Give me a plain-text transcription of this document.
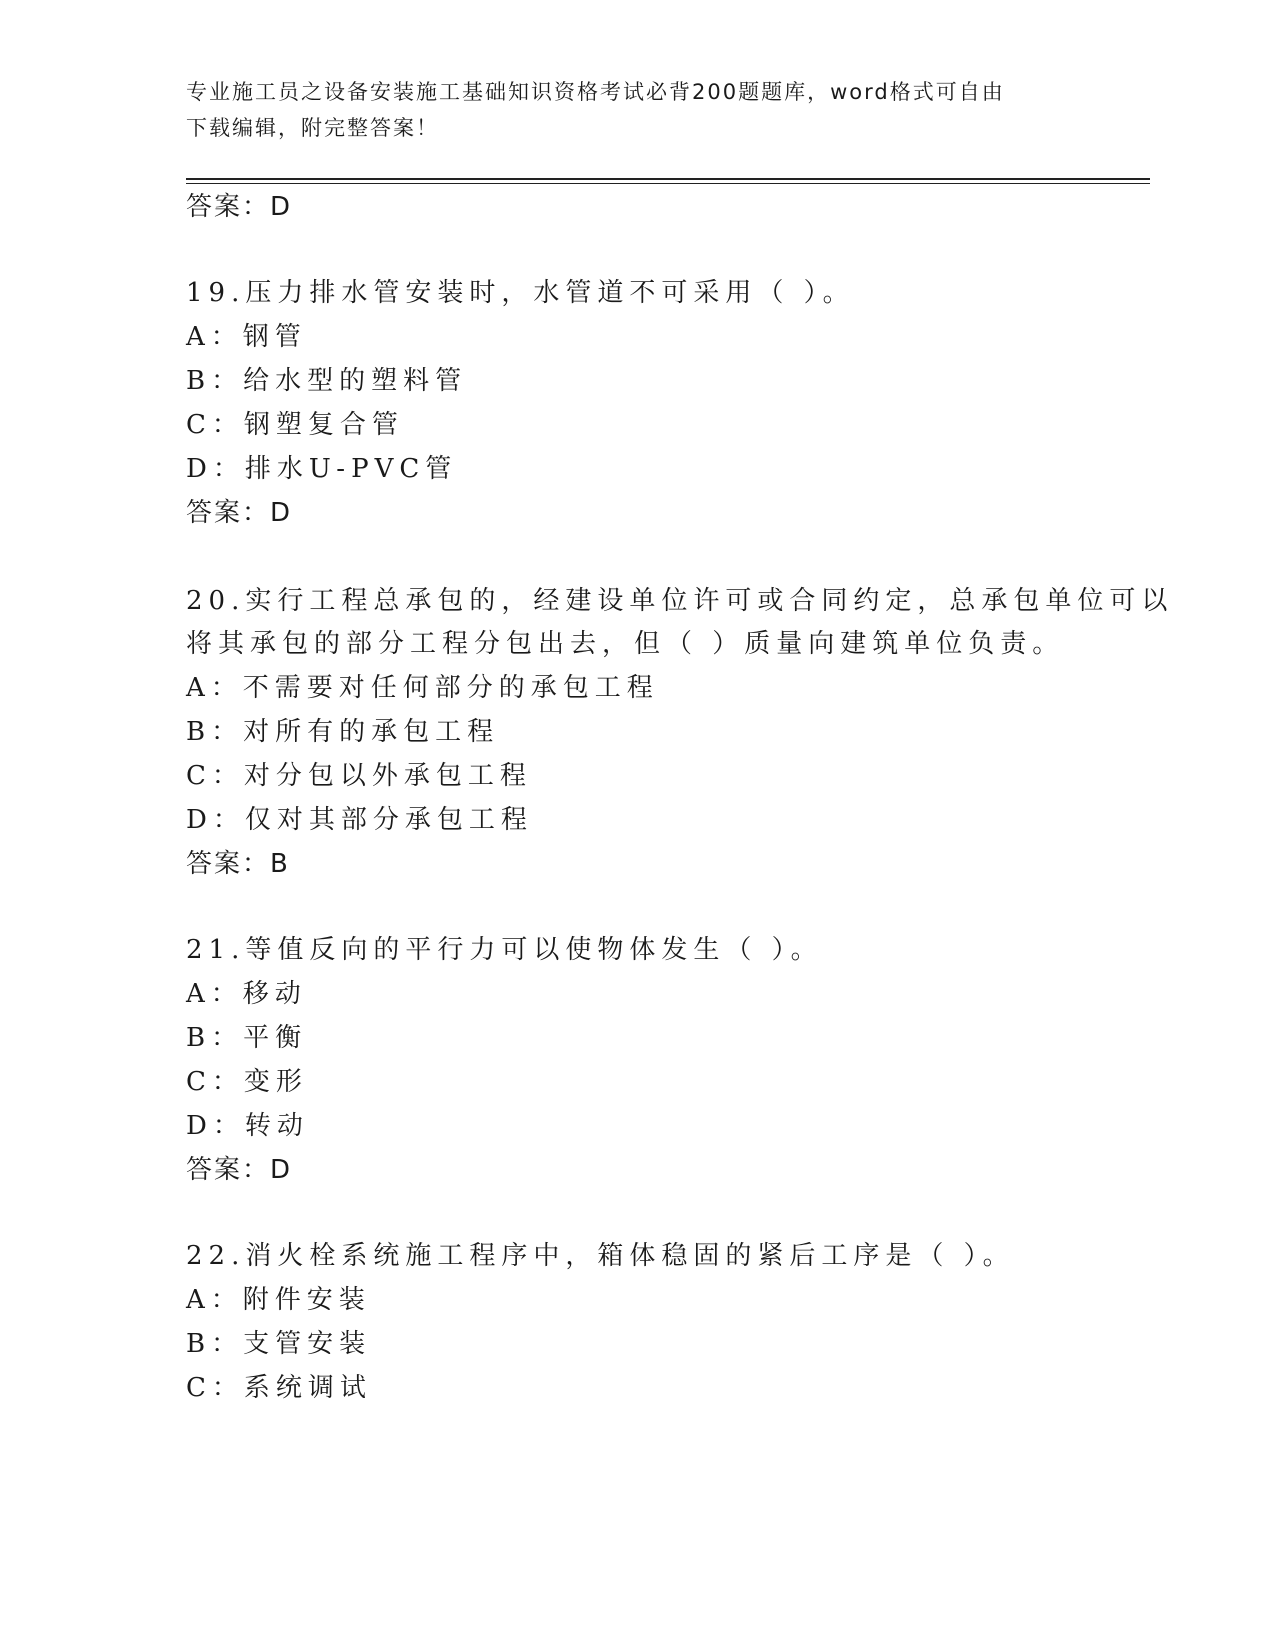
专业施工员之设备安装施工基础知识资格考试必背200题题库，word格式可自由
下载编辑，附完整答案！
答案：D
19.压力排水管安装时，水管道不可采用（ ）。
A：钢管
B：给水型的塑料管
C：钢塑复合管
D：排水U-PVC管
答案：D
20.实行工程总承包的，经建设单位许可或合同约定，总承包单位可以
将其承包的部分工程分包出去，但（ ）质量向建筑单位负责。
A：不需要对任何部分的承包工程
B：对所有的承包工程
C：对分包以外承包工程
D：仅对其部分承包工程
答案：B
21.等值反向的平行力可以使物体发生（ ）。
A：移动
B：平衡
C：变形
D：转动
答案：D
22.消火栓系统施工程序中，箱体稳固的紧后工序是（ ）。
A：附件安装
B：支管安装
C：系统调试
